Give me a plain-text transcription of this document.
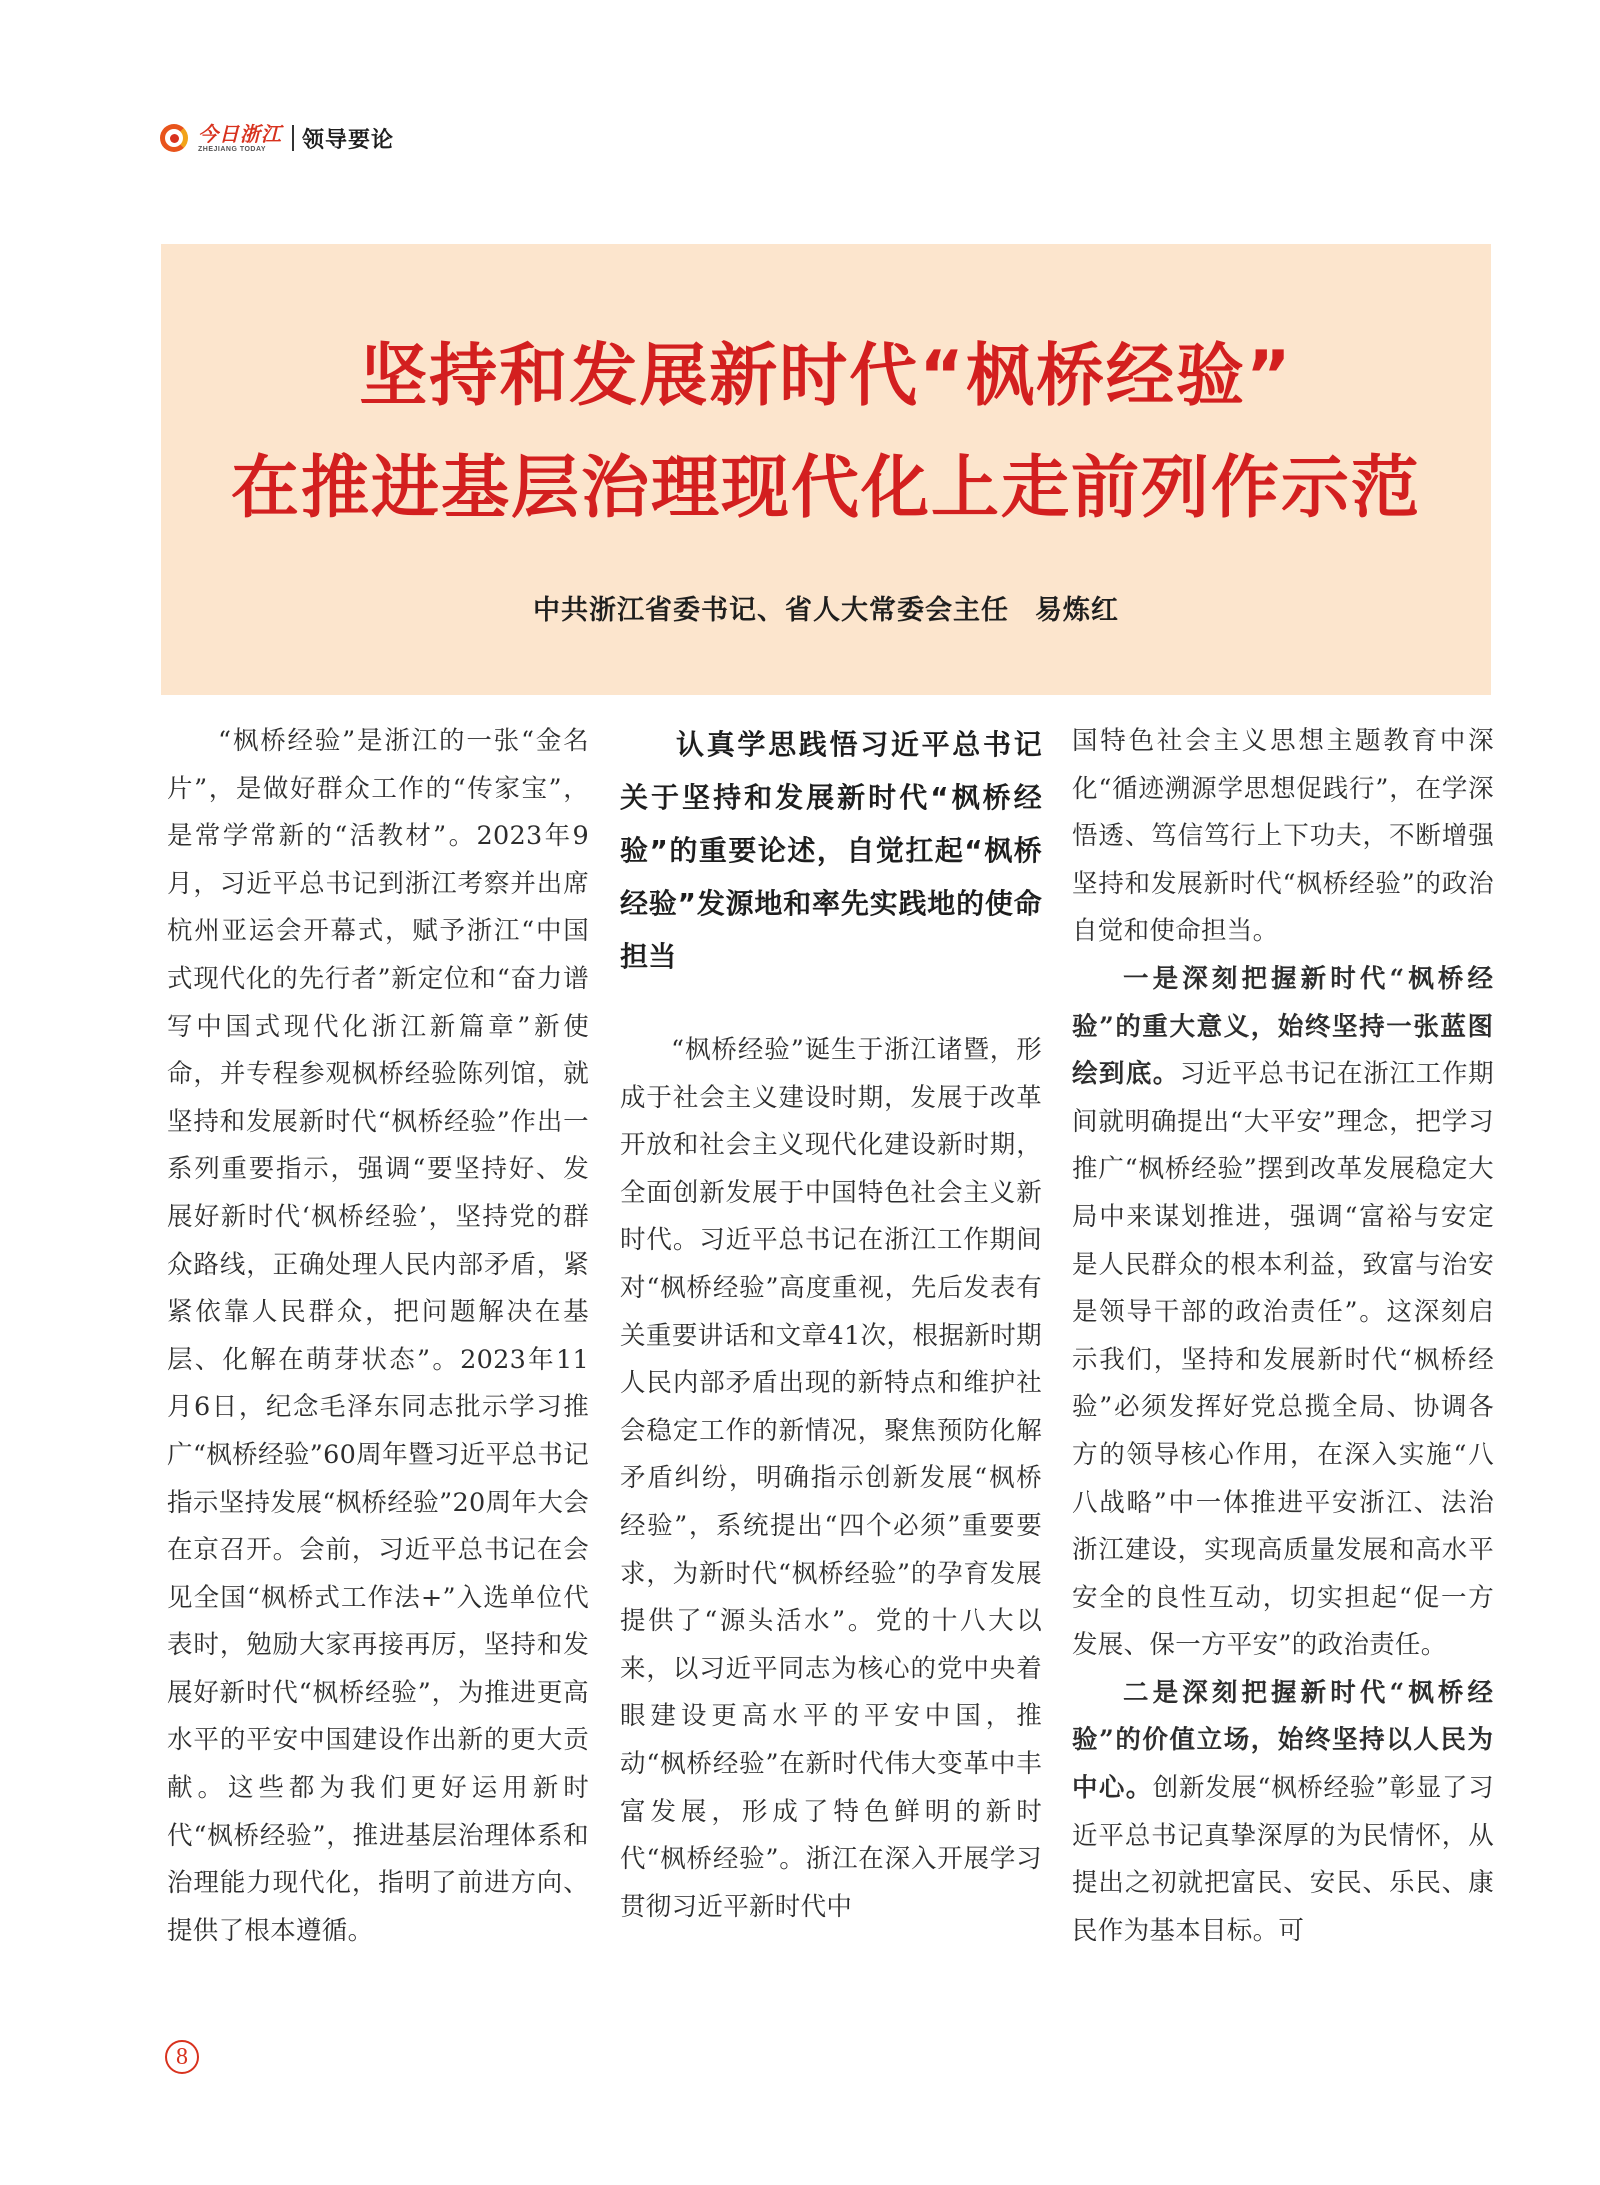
今日浙江
ZHEJIANG TODAY	领导要论
坚持和发展新时代“枫桥经验”
在推进基层治理现代化上走前列作示范
中共浙江省委书记、省人大常委会主任 易炼红

“枫桥经验”是浙江的一张“金名片”，是做好群众工作的“传家宝”，是常学常新的“活教材”。2023年9月，习近平总书记到浙江考察并出席杭州亚运会开幕式，赋予浙江“中国式现代化的先行者”新定位和“奋力谱写中国式现代化浙江新篇章”新使命，并专程参观枫桥经验陈列馆，就坚持和发展新时代“枫桥经验”作出一系列重要指示，强调“要坚持好、发展好新时代‘枫桥经验’，坚持党的群众路线，正确处理人民内部矛盾，紧紧依靠人民群众，把问题解决在基层、化解在萌芽状态”。2023年11月6日，纪念毛泽东同志批示学习推广“枫桥经验”60周年暨习近平总书记指示坚持发展“枫桥经验”20周年大会在京召开。会前，习近平总书记在会见全国“枫桥式工作法+”入选单位代表时，勉励大家再接再厉，坚持和发展好新时代“枫桥经验”，为推进更高水平的平安中国建设作出新的更大贡献。这些都为我们更好运用新时代“枫桥经验”，推进基层治理体系和治理能力现代化，指明了前进方向、提供了根本遵循。

认真学思践悟习近平总书记关于坚持和发展新时代“枫桥经验”的重要论述，自觉扛起“枫桥经验”发源地和率先实践地的使命担当

“枫桥经验”诞生于浙江诸暨，形成于社会主义建设时期，发展于改革开放和社会主义现代化建设新时期，全面创新发展于中国特色社会主义新时代。习近平总书记在浙江工作期间对“枫桥经验”高度重视，先后发表有关重要讲话和文章41次，根据新时期人民内部矛盾出现的新特点和维护社会稳定工作的新情况，聚焦预防化解矛盾纠纷，明确指示创新发展“枫桥经验”，系统提出“四个必须”重要要求，为新时代“枫桥经验”的孕育发展提供了“源头活水”。党的十八大以来，以习近平同志为核心的党中央着眼建设更高水平的平安中国，推动“枫桥经验”在新时代伟大变革中丰富发展，形成了特色鲜明的新时代“枫桥经验”。浙江在深入开展学习贯彻习近平新时代中

国特色社会主义思想主题教育中深化“循迹溯源学思想促践行”，在学深悟透、笃信笃行上下功夫，不断增强坚持和发展新时代“枫桥经验”的政治自觉和使命担当。

一是深刻把握新时代“枫桥经验”的重大意义，始终坚持一张蓝图绘到底。习近平总书记在浙江工作期间就明确提出“大平安”理念，把学习推广“枫桥经验”摆到改革发展稳定大局中来谋划推进，强调“富裕与安定是人民群众的根本利益，致富与治安是领导干部的政治责任”。这深刻启示我们，坚持和发展新时代“枫桥经验”必须发挥好党总揽全局、协调各方的领导核心作用，在深入实施“八八战略”中一体推进平安浙江、法治浙江建设，实现高质量发展和高水平安全的良性互动，切实担起“促一方发展、保一方平安”的政治责任。

二是深刻把握新时代“枫桥经验”的价值立场，始终坚持以人民为中心。创新发展“枫桥经验”彰显了习近平总书记真挚深厚的为民情怀，从提出之初就把富民、安民、乐民、康民作为基本目标。可

8
